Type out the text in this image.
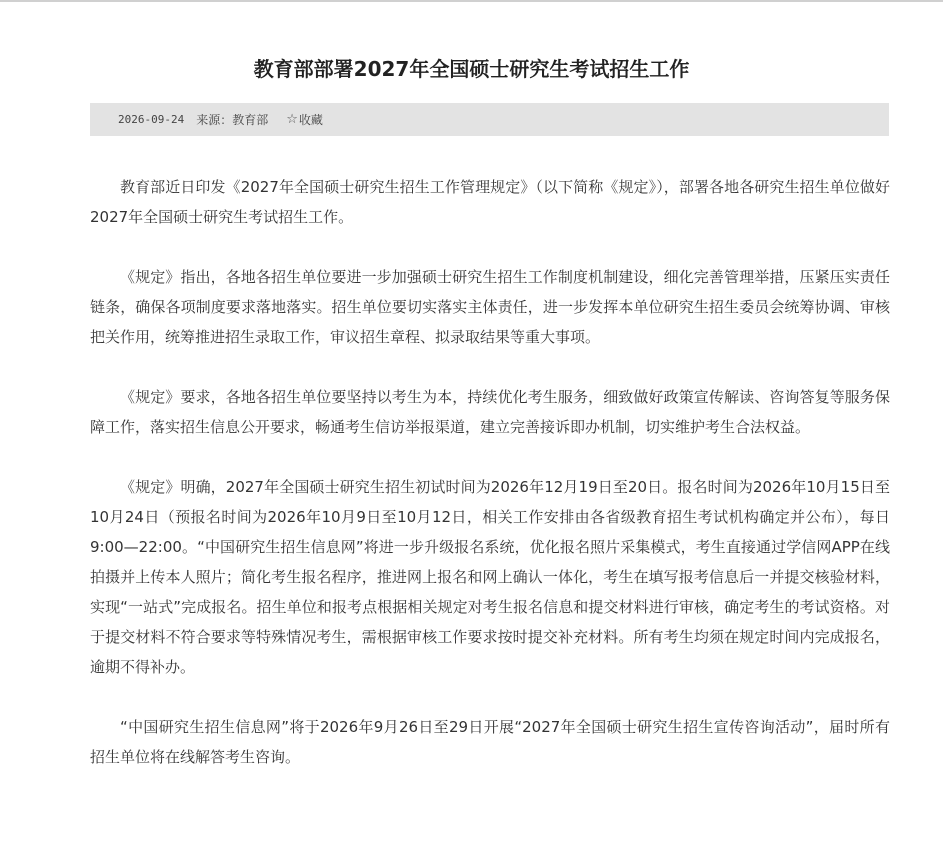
教育部部署2027年全国硕士研究生考试招生工作
2026-09-24 来源： 教育部 ☆ 收藏

教育部近日印发《2027年全国硕士研究生招生工作管理规定》（以下简称《规定》），部署各地各研究生招生单位做好2027年全国硕士研究生考试招生工作。

《规定》指出，各地各招生单位要进一步加强硕士研究生招生工作制度机制建设，细化完善管理举措，压紧压实责任链条，确保各项制度要求落地落实。招生单位要切实落实主体责任，进一步发挥本单位研究生招生委员会统筹协调、审核把关作用，统筹推进招生录取工作，审议招生章程、拟录取结果等重大事项。

《规定》要求，各地各招生单位要坚持以考生为本，持续优化考生服务，细致做好政策宣传解读、咨询答复等服务保障工作，落实招生信息公开要求，畅通考生信访举报渠道，建立完善接诉即办机制，切实维护考生合法权益。

《规定》明确，2027年全国硕士研究生招生初试时间为2026年12月19日至20日。报名时间为2026年10月15日至10月24日（预报名时间为2026年10月9日至10月12日，相关工作安排由各省级教育招生考试机构确定并公布），每日9:00—22:00。“中国研究生招生信息网”将进一步升级报名系统，优化报名照片采集模式，考生直接通过学信网APP在线拍摄并上传本人照片；简化考生报名程序，推进网上报名和网上确认一体化，考生在填写报考信息后一并提交核验材料，实现“一站式”完成报名。招生单位和报考点根据相关规定对考生报名信息和提交材料进行审核，确定考生的考试资格。对于提交材料不符合要求等特殊情况考生，需根据审核工作要求按时提交补充材料。所有考生均须在规定时间内完成报名，逾期不得补办。

“中国研究生招生信息网”将于2026年9月26日至29日开展“2027年全国硕士研究生招生宣传咨询活动”，届时所有招生单位将在线解答考生咨询。
